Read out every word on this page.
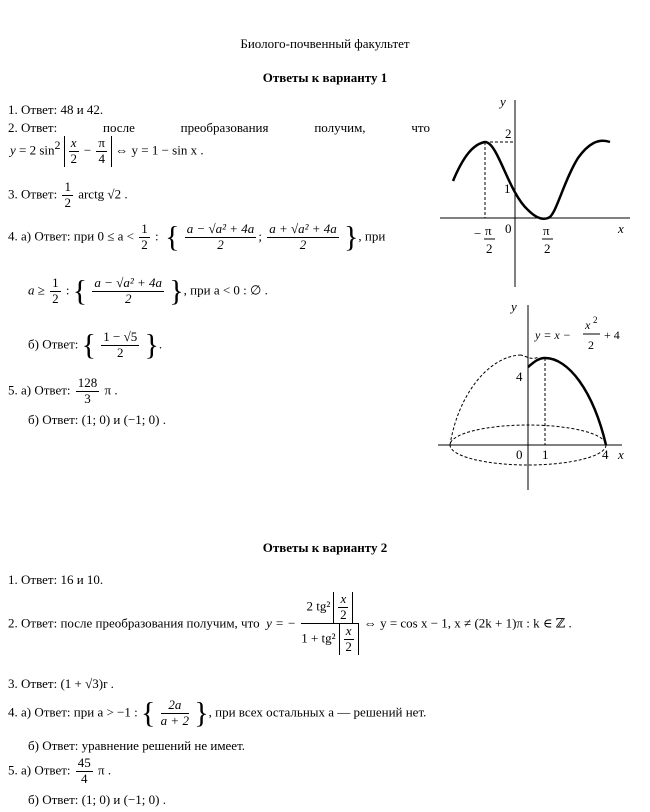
Биолого-почвенный факультет
Ответы к варианту 1
1. Ответ: 48 и 42.
2. Ответ:	после	преобразования	получим,	что
y = 2 $\sin^2 \frac{x}{2} - \frac{\pi}{4}$ ⇔ y = 1 − sin x .
3. Ответ: $\frac{1}{2}$ arctg √2 .
4. а) Ответ: при $0 \le a < \frac{1}{2}$ : { $\frac{\text{a − √a² + 4a}}{2}$ ; $\frac{\text{a + √a² + 4a}}{2}$ }, при
$a \ge \frac{1}{2}$ : { $\frac{\text{a − √a² + 4a}}{2}$ }, при a < 0 : ∅ .
б) Ответ: { $\frac{1 - √5}{2}$ }.
5. а) Ответ: $\frac{128}{3}$ π .
б) Ответ: (1; 0) и (−1; 0) .
y
x
2
1
0
− π
2
π
2
y
x
y = x −
x 2
2
+ 4
4
0 1	4
Ответы к варианту 2
1. Ответ: 16 и 10.
2. Ответ: после преобразования получим, что y = − $\frac{2 tg^2 \frac{x}{2}}{1 + tg^2 \frac{x}{2}}$ ⇔ y = cos x − 1, x ≠ (2k + 1)π : k ∈ ℤ .
3. Ответ: (1 + √3)r .
4. а) Ответ: при a > −1 : { $\frac{2a}{a + 2}$ }, при всех остальных a — решений нет.
б) Ответ: уравнение решений не имеет.
5. а) Ответ: $\frac{45}{4}$ π .
б) Ответ: (1; 0) и (−1; 0) .
